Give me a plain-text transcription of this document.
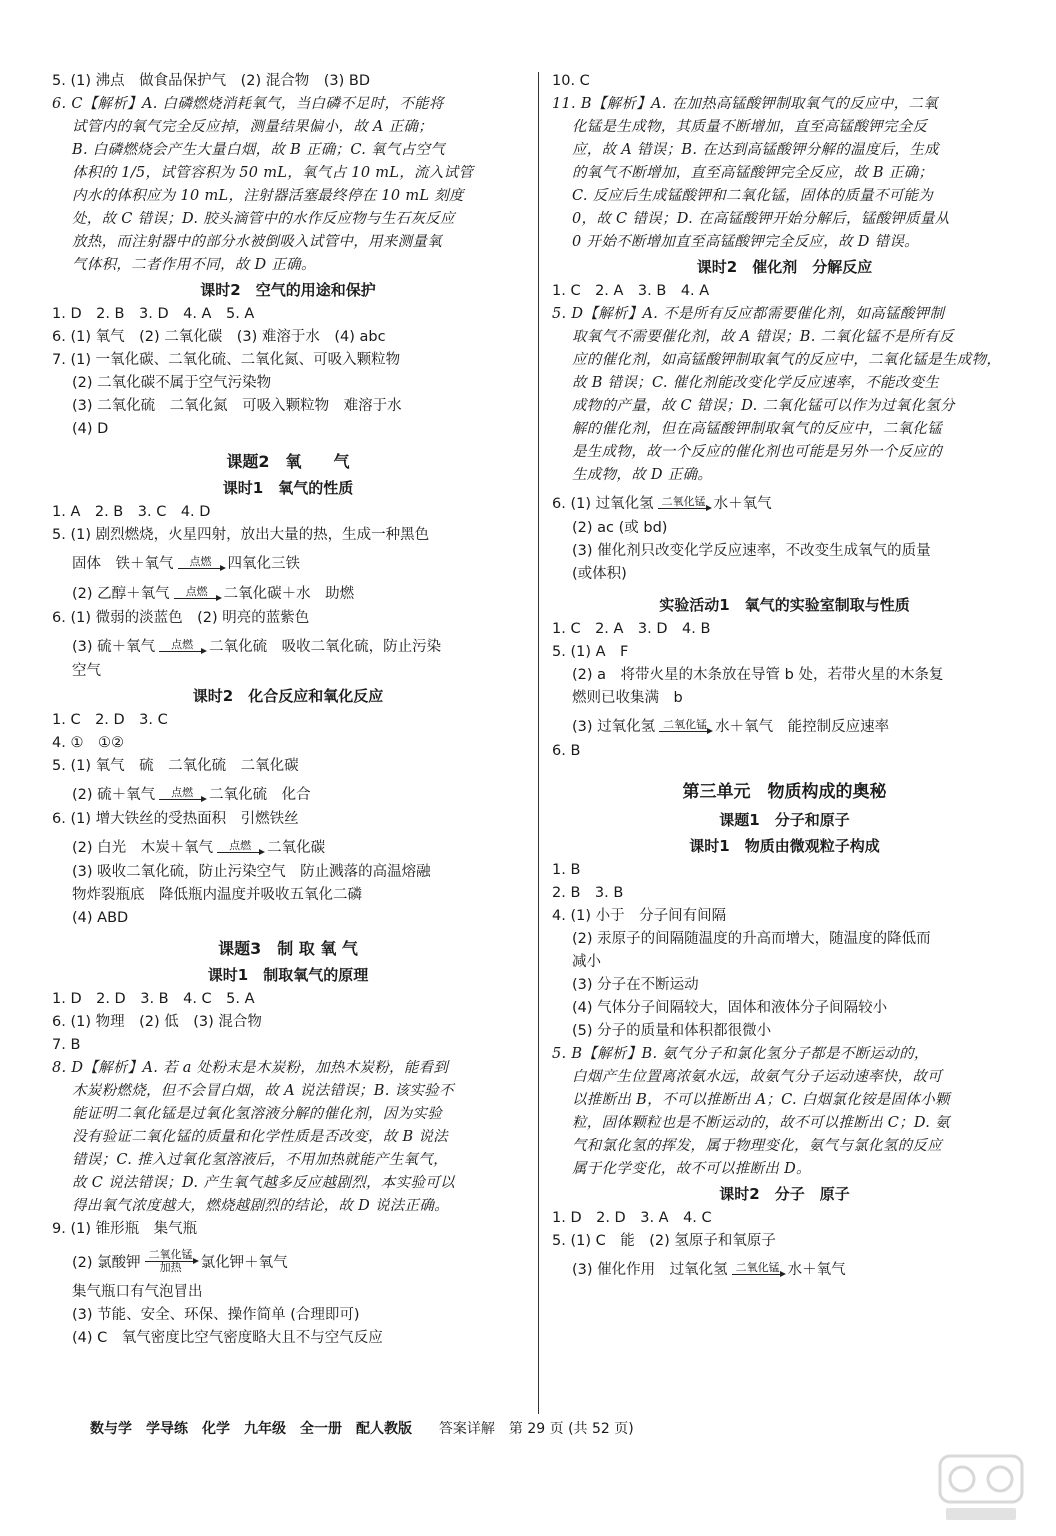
5. (1) 沸点　做食品保护气　(2) 混合物　(3) BD
6. C【解析】A. 白磷燃烧消耗氧气，当白磷不足时，不能将
试管内的氧气完全反应掉，测量结果偏小，故 A 正确；
B. 白磷燃烧会产生大量白烟，故 B 正确；C. 氧气占空气
体积的 1/5，试管容积为 50 mL，氧气占 10 mL，流入试管
内水的体积应为 10 mL，注射器活塞最终停在 10 mL 刻度
处，故 C 错误；D. 胶头滴管中的水作反应物与生石灰反应
放热，而注射器中的部分水被倒吸入试管中，用来测量氧
气体积，二者作用不同，故 D 正确。
课时2　空气的用途和保护
1. D　2. B　3. D　4. A　5. A
6. (1) 氧气　(2) 二氧化碳　(3) 难溶于水　(4) abc
7. (1) 一氧化碳、二氧化硫、二氧化氮、可吸入颗粒物
(2) 二氧化碳不属于空气污染物
(3) 二氧化硫　二氧化氮　可吸入颗粒物　难溶于水
(4) D
课题2　氧　　气
课时1　氧气的性质
1. A　2. B　3. C　4. D
5. (1) 剧烈燃烧，火星四射，放出大量的热，生成一种黑色
固体　铁＋氧气	点燃 四氧化三铁
(2) 乙醇＋氧气	点燃 二氧化碳＋水　助燃
6. (1) 微弱的淡蓝色　(2) 明亮的蓝紫色
(3) 硫＋氧气	点燃 二氧化硫　吸收二氧化硫，防止污染
空气
课时2　化合反应和氧化反应
1. C　2. D　3. C
4. ①　①②
5. (1) 氧气　硫　二氧化硫　二氧化碳
(2) 硫＋氧气	点燃 二氧化硫　化合
6. (1) 增大铁丝的受热面积　引燃铁丝
(2) 白光　木炭＋氧气	点燃 二氧化碳
(3) 吸收二氧化硫，防止污染空气　防止溅落的高温熔融
物炸裂瓶底　降低瓶内温度并吸收五氧化二磷
(4) ABD
课题3　制 取 氧 气
课时1　制取氧气的原理
1. D　2. D　3. B　4. C　5. A
6. (1) 物理　(2) 低　(3) 混合物
7. B
8. D【解析】A. 若 a 处粉末是木炭粉，加热木炭粉，能看到
木炭粉燃烧，但不会冒白烟，故 A 说法错误；B. 该实验不
能证明二氧化锰是过氧化氢溶液分解的催化剂，因为实验
没有验证二氧化锰的质量和化学性质是否改变，故 B 说法
错误；C. 推入过氧化氢溶液后，不用加热就能产生氧气，
故 C 说法错误；D. 产生氧气越多反应越剧烈，本实验可以
得出氧气浓度越大，燃烧越剧烈的结论，故 D 说法正确。
9. (1) 锥形瓶　集气瓶
(2) 氯酸钾
二氧化锰
加热 氯化钾＋氧气
集气瓶口有气泡冒出
(3) 节能、安全、环保、操作简单 (合理即可)
(4) C　氧气密度比空气密度略大且不与空气反应
10. C
11. B【解析】A. 在加热高锰酸钾制取氧气的反应中，二氧
化锰是生成物，其质量不断增加，直至高锰酸钾完全反
应，故 A 错误；B. 在达到高锰酸钾分解的温度后，生成
的氧气不断增加，直至高锰酸钾完全反应，故 B 正确；
C. 反应后生成锰酸钾和二氧化锰，固体的质量不可能为
0，故 C 错误；D. 在高锰酸钾开始分解后，锰酸钾质量从
0 开始不断增加直至高锰酸钾完全反应，故 D 错误。
课时2　催化剂　分解反应
1. C　2. A　3. B　4. A
5. D【解析】A. 不是所有反应都需要催化剂，如高锰酸钾制
取氧气不需要催化剂，故 A 错误；B. 二氧化锰不是所有反
应的催化剂，如高锰酸钾制取氧气的反应中，二氧化锰是生成物，
故 B 错误；C. 催化剂能改变化学反应速率，不能改变生
成物的产量，故 C 错误；D. 二氧化锰可以作为过氧化氢分
解的催化剂，但在高锰酸钾制取氧气的反应中，二氧化锰
是生成物，故一个反应的催化剂也可能是另外一个反应的
生成物，故 D 正确。
6. (1) 过氧化氢 二氧化锰 水＋氧气
(2) ac (或 bd)
(3) 催化剂只改变化学反应速率，不改变生成氧气的质量
(或体积)
实验活动1　氧气的实验室制取与性质
1. C　2. A　3. D　4. B
5. (1) A　F
(2) a　将带火星的木条放在导管 b 处，若带火星的木条复
燃则已收集满　b
(3) 过氧化氢 二氧化锰 水＋氧气　能控制反应速率
6. B
第三单元　物质构成的奥秘
课题1　分子和原子
课时1　物质由微观粒子构成
1. B
2. B　3. B
4. (1) 小于　分子间有间隔
(2) 汞原子的间隔随温度的升高而增大，随温度的降低而
减小
(3) 分子在不断运动
(4) 气体分子间隔较大，固体和液体分子间隔较小
(5) 分子的质量和体积都很微小
5. B【解析】B. 氨气分子和氯化氢分子都是不断运动的，
白烟产生位置离浓氨水远，故氨气分子运动速率快，故可
以推断出 B，不可以推断出 A；C. 白烟氯化铵是固体小颗
粒，固体颗粒也是不断运动的，故不可以推断出 C；D. 氨
气和氯化氢的挥发，属于物理变化，氨气与氯化氢的反应
属于化学变化，故不可以推断出 D。
课时2　分子　原子
1. D　2. D　3. A　4. C
5. (1) C　能　(2) 氢原子和氧原子
(3) 催化作用　过氧化氢 二氧化锰 水＋氧气
数与学　学导练　化学　九年级　全一册　配人教版 答案详解　第 29 页 (共 52 页)
